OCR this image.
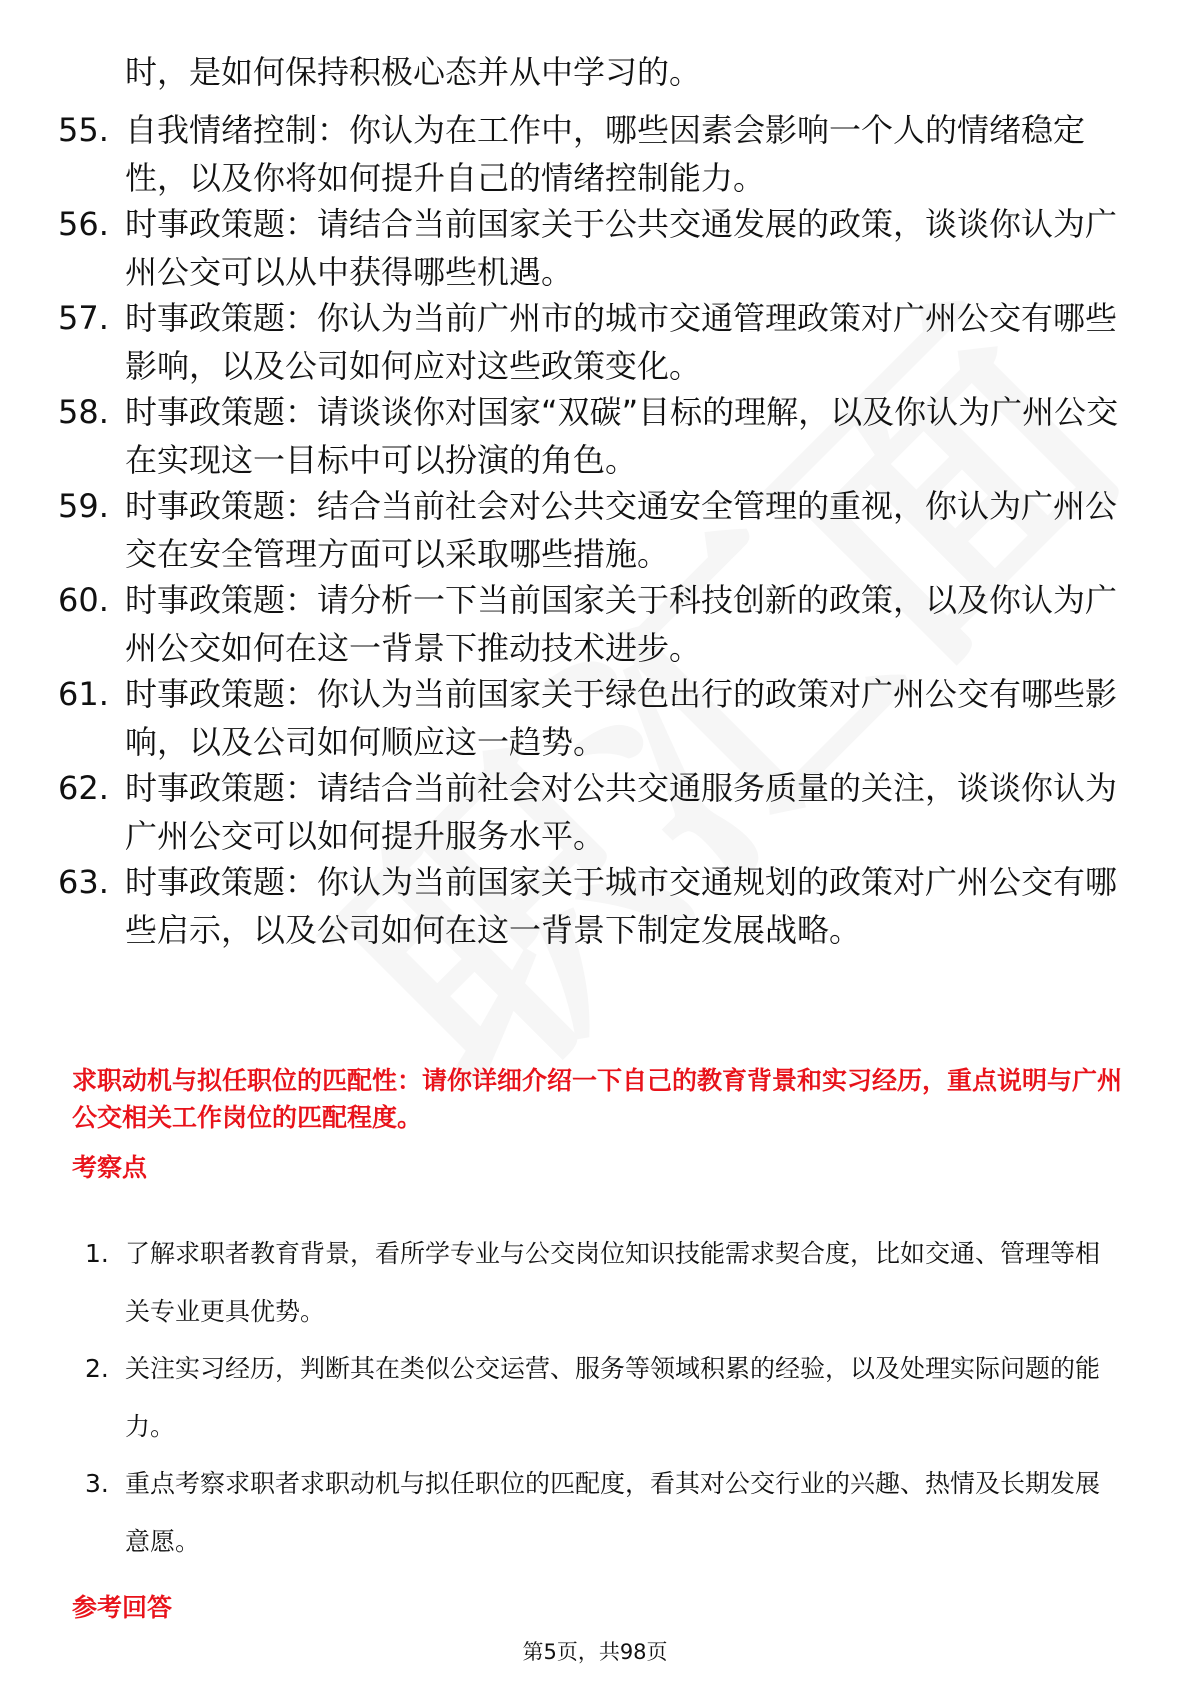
时，是如何保持积极心态并从中学习的。
55. 自我情绪控制：你认为在工作中，哪些因素会影响一个人的情绪稳定性，以及你将如何提升自己的情绪控制能力。
56. 时事政策题：请结合当前国家关于公共交通发展的政策，谈谈你认为广州公交可以从中获得哪些机遇。
57. 时事政策题：你认为当前广州市的城市交通管理政策对广州公交有哪些影响，以及公司如何应对这些政策变化。
58. 时事政策题：请谈谈你对国家“双碳”目标的理解，以及你认为广州公交在实现这一目标中可以扮演的角色。
59. 时事政策题：结合当前社会对公共交通安全管理的重视，你认为广州公交在安全管理方面可以采取哪些措施。
60. 时事政策题：请分析一下当前国家关于科技创新的政策，以及你认为广州公交如何在这一背景下推动技术进步。
61. 时事政策题：你认为当前国家关于绿色出行的政策对广州公交有哪些影响，以及公司如何顺应这一趋势。
62. 时事政策题：请结合当前社会对公共交通服务质量的关注，谈谈你认为广州公交可以如何提升服务水平。
63. 时事政策题：你认为当前国家关于城市交通规划的政策对广州公交有哪些启示，以及公司如何在这一背景下制定发展战略。
求职动机与拟任职位的匹配性：请你详细介绍一下自己的教育背景和实习经历，重点说明与广州公交相关工作岗位的匹配程度。
考察点
1. 了解求职者教育背景，看所学专业与公交岗位知识技能需求契合度，比如交通、管理等相关专业更具优势。
2. 关注实习经历，判断其在类似公交运营、服务等领域积累的经验，以及处理实际问题的能力。
3. 重点考察求职者求职动机与拟任职位的匹配度，看其对公交行业的兴趣、热情及长期发展意愿。
参考回答
第5页，共98页
